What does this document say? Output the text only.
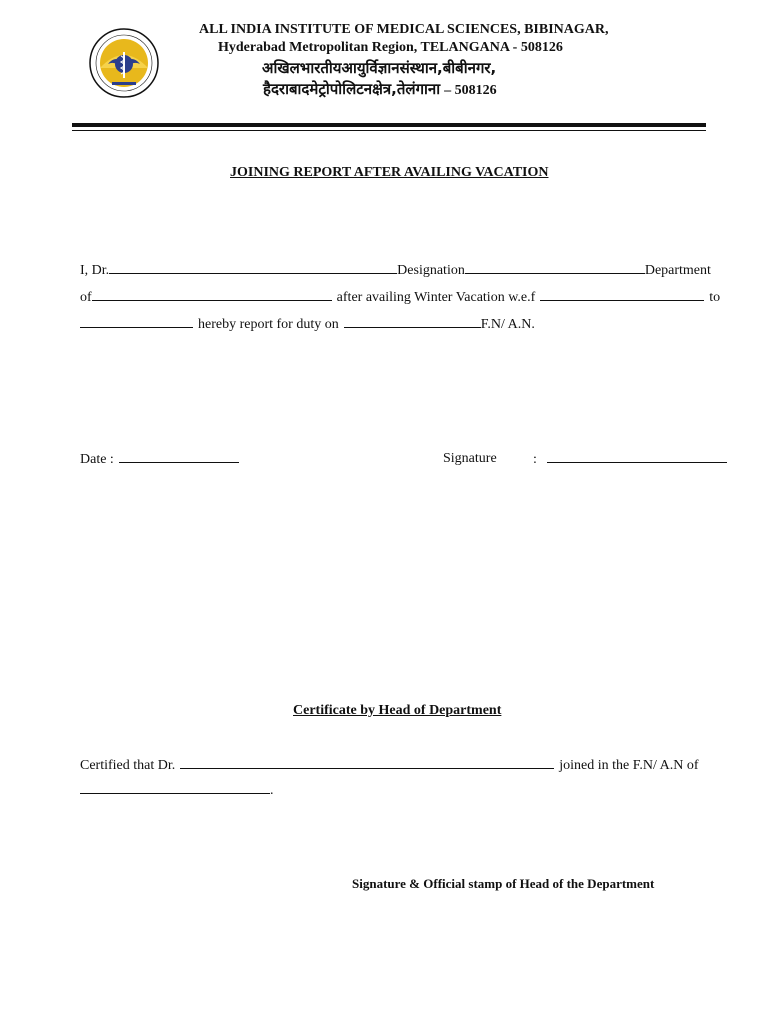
ALL INDIA INSTITUTE OF MEDICAL SCIENCES, BIBINAGAR,
Hyderabad Metropolitan Region, TELANGANA - 508126
अखिलभारतीयआयुर्विज्ञानसंस्थान,बीबीनगर,
हैदराबादमेट्रोपोलिटनक्षेत्र,तेलंगाना – 508126
JOINING REPORT AFTER AVAILING VACATION
I, Dr.	Designation	Department
of	after availing Winter Vacation w.e.f	to
hereby report for duty on	F.N/ A.N.
Date :	Signature	:
Certificate by Head of Department
Certified that Dr.	joined in the F.N/ A.N of
.
Signature & Official stamp of Head of the Department
